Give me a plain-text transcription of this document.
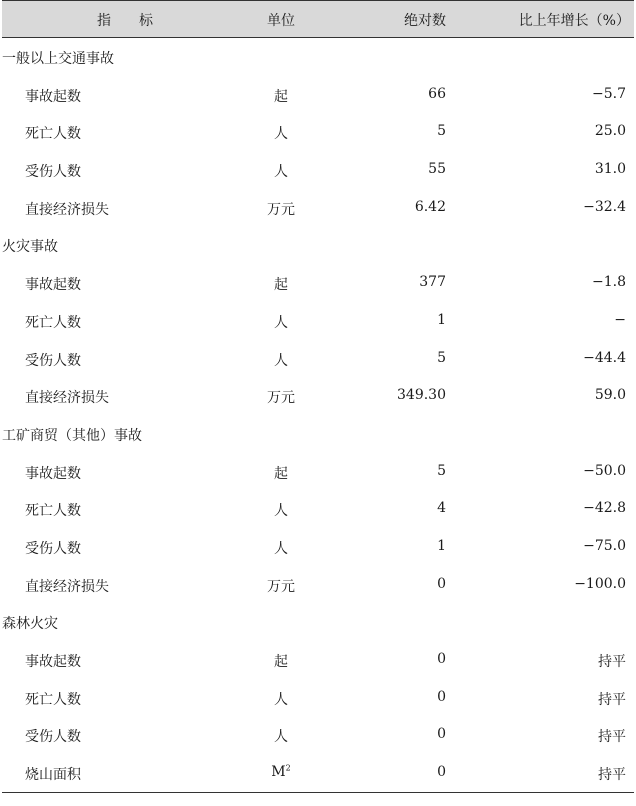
指　　标	单位	绝对数	比上年增长（%）
一般以上交通事故
事故起数	起	66	−5.7
死亡人数	人	5	25.0
受伤人数	人	55	31.0
直接经济损失	万元	6.42	−32.4
火灾事故
事故起数	起	377	−1.8
死亡人数	人	1	−
受伤人数	人	5	−44.4
直接经济损失	万元	349.30	59.0
工矿商贸（其他）事故
事故起数	起	5	−50.0
死亡人数	人	4	−42.8
受伤人数	人	1	−75.0
直接经济损失	万元	0	−100.0
森林火灾
事故起数	起	0	持平
死亡人数	人	0	持平
受伤人数	人	0	持平
烧山面积	$M^2$	0	持平
